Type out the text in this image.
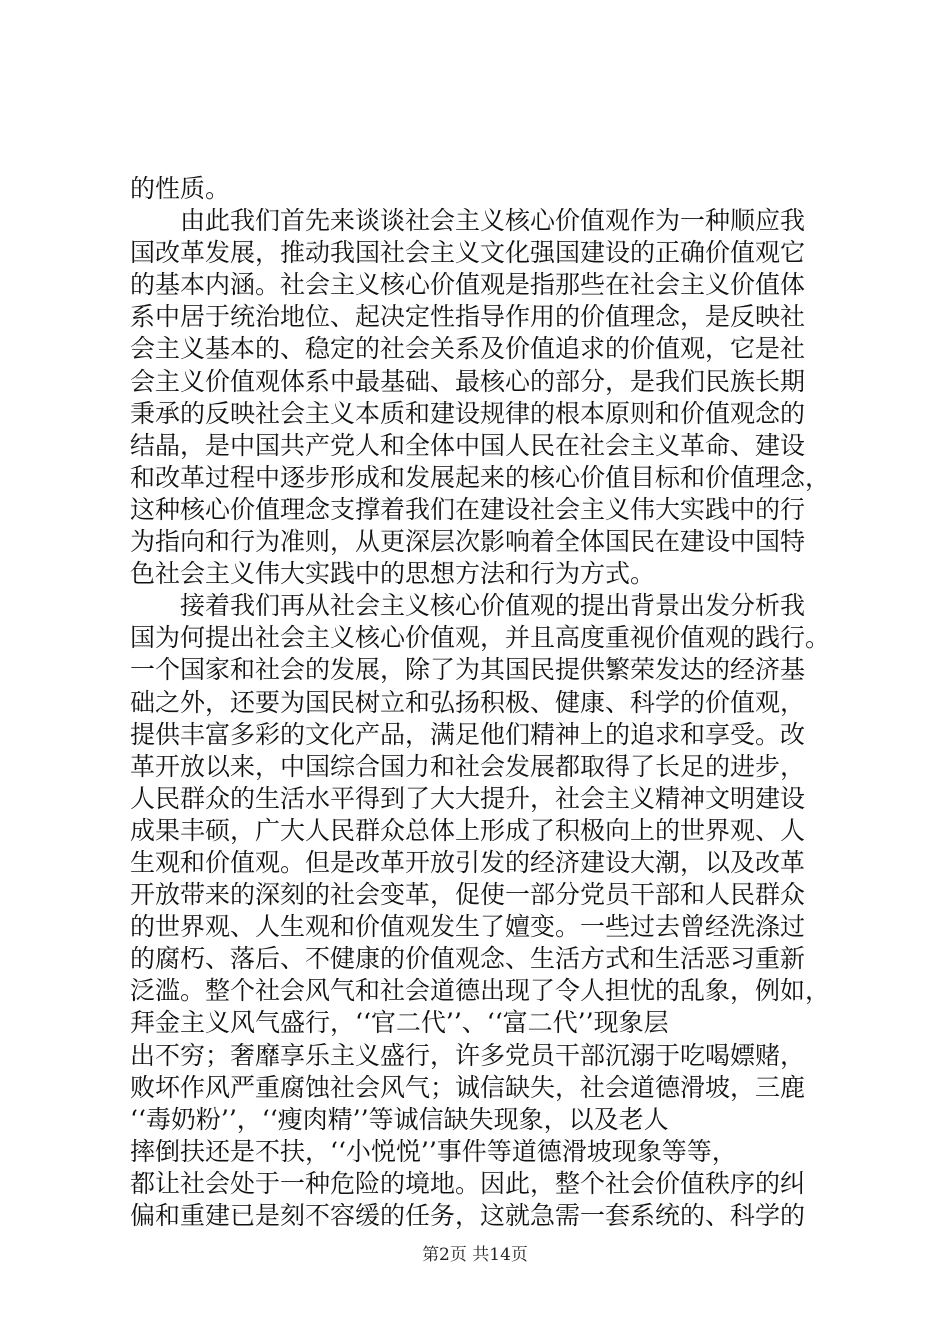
的性质。
由此我们首先来谈谈社会主义核心价值观作为一种顺应我
国改革发展，推动我国社会主义文化强国建设的正确价值观它
的基本内涵。社会主义核心价值观是指那些在社会主义价值体
系中居于统治地位、起决定性指导作用的价值理念，是反映社
会主义基本的、稳定的社会关系及价值追求的价值观，它是社
会主义价值观体系中最基础、最核心的部分，是我们民族长期
秉承的反映社会主义本质和建设规律的根本原则和价值观念的
结晶，是中国共产党人和全体中国人民在社会主义革命、建设
和改革过程中逐步形成和发展起来的核心价值目标和价值理念，
这种核心价值理念支撑着我们在建设社会主义伟大实践中的行
为指向和行为准则，从更深层次影响着全体国民在建设中国特
色社会主义伟大实践中的思想方法和行为方式。
接着我们再从社会主义核心价值观的提出背景出发分析我
国为何提出社会主义核心价值观，并且高度重视价值观的践行。
一个国家和社会的发展，除了为其国民提供繁荣发达的经济基
础之外，还要为国民树立和弘扬积极、健康、科学的价值观，
提供丰富多彩的文化产品，满足他们精神上的追求和享受。改
革开放以来，中国综合国力和社会发展都取得了长足的进步，
人民群众的生活水平得到了大大提升，社会主义精神文明建设
成果丰硕，广大人民群众总体上形成了积极向上的世界观、人
生观和价值观。但是改革开放引发的经济建设大潮，以及改革
开放带来的深刻的社会变革，促使一部分党员干部和人民群众
的世界观、人生观和价值观发生了嬗变。一些过去曾经洗涤过
的腐朽、落后、不健康的价值观念、生活方式和生活恶习重新
泛滥。整个社会风气和社会道德出现了令人担忧的乱象，例如，
拜金主义风气盛行，‘‘官二代’’、‘‘富二代’’现象层
出不穷；奢靡享乐主义盛行，许多党员干部沉溺于吃喝嫖赌，
败坏作风严重腐蚀社会风气；诚信缺失，社会道德滑坡，三鹿
‘‘毒奶粉’’，‘‘瘦肉精’’等诚信缺失现象，以及老人
摔倒扶还是不扶，‘‘小悦悦’’事件等道德滑坡现象等等，
都让社会处于一种危险的境地。因此，整个社会价值秩序的纠
偏和重建已是刻不容缓的任务，这就急需一套系统的、科学的
第2页 共14页
